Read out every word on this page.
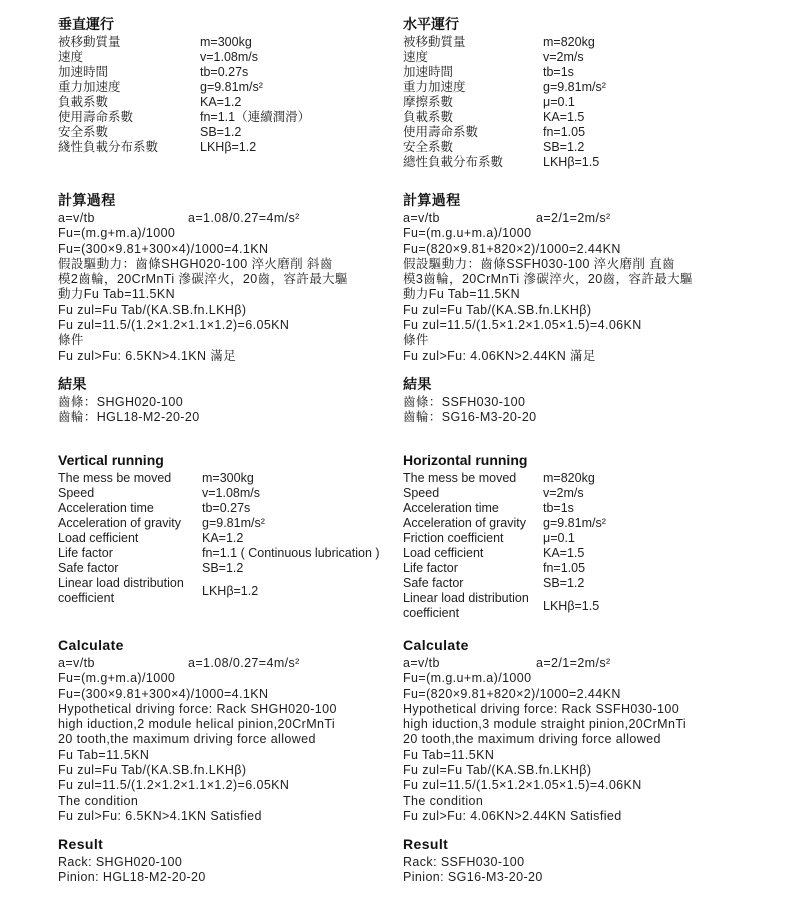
垂直運行
被移動質量	m=300kg
速度	v=1.08m/s
加速時間	tb=0.27s
重力加速度	g=9.81m/s²
負載系數	KA=1.2
使用壽命系數	fn=1.1（連續潤滑）
安全系數	SB=1.2
綫性負載分布系數	LKHβ=1.2
水平運行
被移動質量	m=820kg
速度	v=2m/s
加速時間	tb=1s
重力加速度	g=9.81m/s²
摩擦系數	μ=0.1
負載系數	KA=1.5
使用壽命系數	fn=1.05
安全系數	SB=1.2
總性負載分布系數	LKHβ=1.5
計算過程
a=v/tb	a=1.08/0.27=4m/s²
Fu=(m.g+m.a)/1000
Fu=(300×9.81+300×4)/1000=4.1KN
假設驅動力：齒條SHGH020-100 淬火磨削 斜齒
模2齒輪，20CrMnTi 滲碳淬火，20齒，容許最大驅
動力Fu Tab=11.5KN
Fu zul=Fu Tab/(KA.SB.fn.LKHβ)
Fu zul=11.5/(1.2×1.2×1.1×1.2)=6.05KN
條件
Fu zul>Fu: 6.5KN>4.1KN 滿足
計算過程
a=v/tb	a=2/1=2m/s²
Fu=(m.g.u+m.a)/1000
Fu=(820×9.81+820×2)/1000=2.44KN
假設驅動力：齒條SSFH030-100 淬火磨削 直齒
模3齒輪，20CrMnTi 滲碳淬火，20齒，容許最大驅
動力Fu Tab=11.5KN
Fu zul=Fu Tab/(KA.SB.fn.LKHβ)
Fu zul=11.5/(1.5×1.2×1.05×1.5)=4.06KN
條件
Fu zul>Fu: 4.06KN>2.44KN 滿足
結果
齒條：SHGH020-100
齒輪：HGL18-M2-20-20
結果
齒條：SSFH030-100
齒輪：SG16-M3-20-20
Vertical running
The mess be moved	m=300kg
Speed	v=1.08m/s
Acceleration time	tb=0.27s
Acceleration of gravity	g=9.81m/s²
Load cefficient	KA=1.2
Life factor	fn=1.1 ( Continuous lubrication )
Safe factor	SB=1.2
Linear load distribution coefficient	LKHβ=1.2
Horizontal running
The mess be moved	m=820kg
Speed	v=2m/s
Acceleration time	tb=1s
Acceleration of gravity	g=9.81m/s²
Friction coefficient	μ=0.1
Load cefficient	KA=1.5
Life factor	fn=1.05
Safe factor	SB=1.2
Linear load distribution coefficient	LKHβ=1.5
Calculate
a=v/tb	a=1.08/0.27=4m/s²
Fu=(m.g+m.a)/1000
Fu=(300×9.81+300×4)/1000=4.1KN
Hypothetical driving force: Rack SHGH020-100
high iduction,2 module helical pinion,20CrMnTi
20 tooth,the maximum driving force allowed
Fu Tab=11.5KN
Fu zul=Fu Tab/(KA.SB.fn.LKHβ)
Fu zul=11.5/(1.2×1.2×1.1×1.2)=6.05KN
The condition
Fu zul>Fu: 6.5KN>4.1KN Satisfied
Calculate
a=v/tb	a=2/1=2m/s²
Fu=(m.g.u+m.a)/1000
Fu=(820×9.81+820×2)/1000=2.44KN
Hypothetical driving force: Rack SSFH030-100
high iduction,3 module straight pinion,20CrMnTi
20 tooth,the maximum driving force allowed
Fu Tab=11.5KN
Fu zul=Fu Tab/(KA.SB.fn.LKHβ)
Fu zul=11.5/(1.5×1.2×1.05×1.5)=4.06KN
The condition
Fu zul>Fu: 4.06KN>2.44KN Satisfied
Result
Rack: SHGH020-100
Pinion: HGL18-M2-20-20
Result
Rack: SSFH030-100
Pinion: SG16-M3-20-20
